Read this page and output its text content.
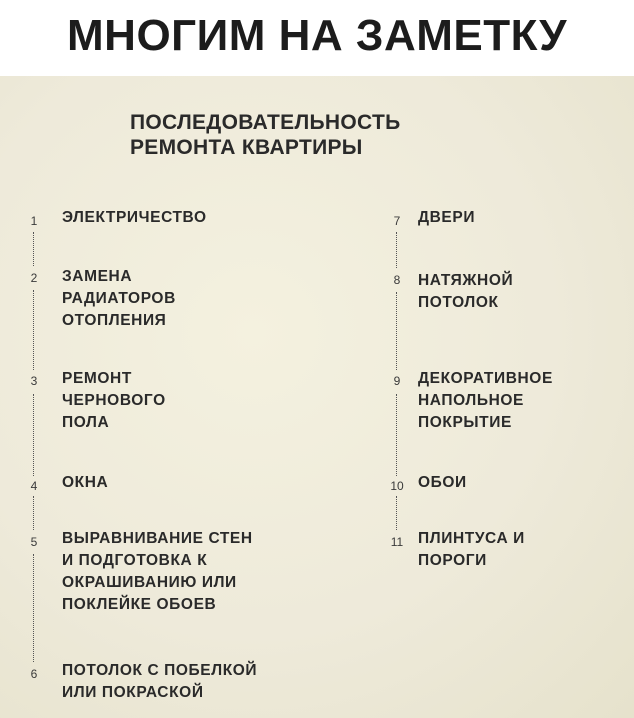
МНОГИМ НА ЗАМЕТКУ
ПОСЛЕДОВАТЕЛЬНОСТЬ
РЕМОНТА КВАРТИРЫ
1	ЭЛЕКТРИЧЕСТВО
2	ЗАМЕНА
РАДИАТОРОВ
ОТОПЛЕНИЯ
3	РЕМОНТ
ЧЕРНОВОГО
ПОЛА
4	ОКНА
5	ВЫРАВНИВАНИЕ СТЕН
И ПОДГОТОВКА К
ОКРАШИВАНИЮ ИЛИ
ПОКЛЕЙКЕ ОБОЕВ
6	ПОТОЛОК С ПОБЕЛКОЙ
ИЛИ ПОКРАСКОЙ
7	ДВЕРИ
8	НАТЯЖНОЙ
ПОТОЛОК
9	ДЕКОРАТИВНОЕ
НАПОЛЬНОЕ
ПОКРЫТИЕ
10 ОБОИ
11 ПЛИНТУСА И
ПОРОГИ
